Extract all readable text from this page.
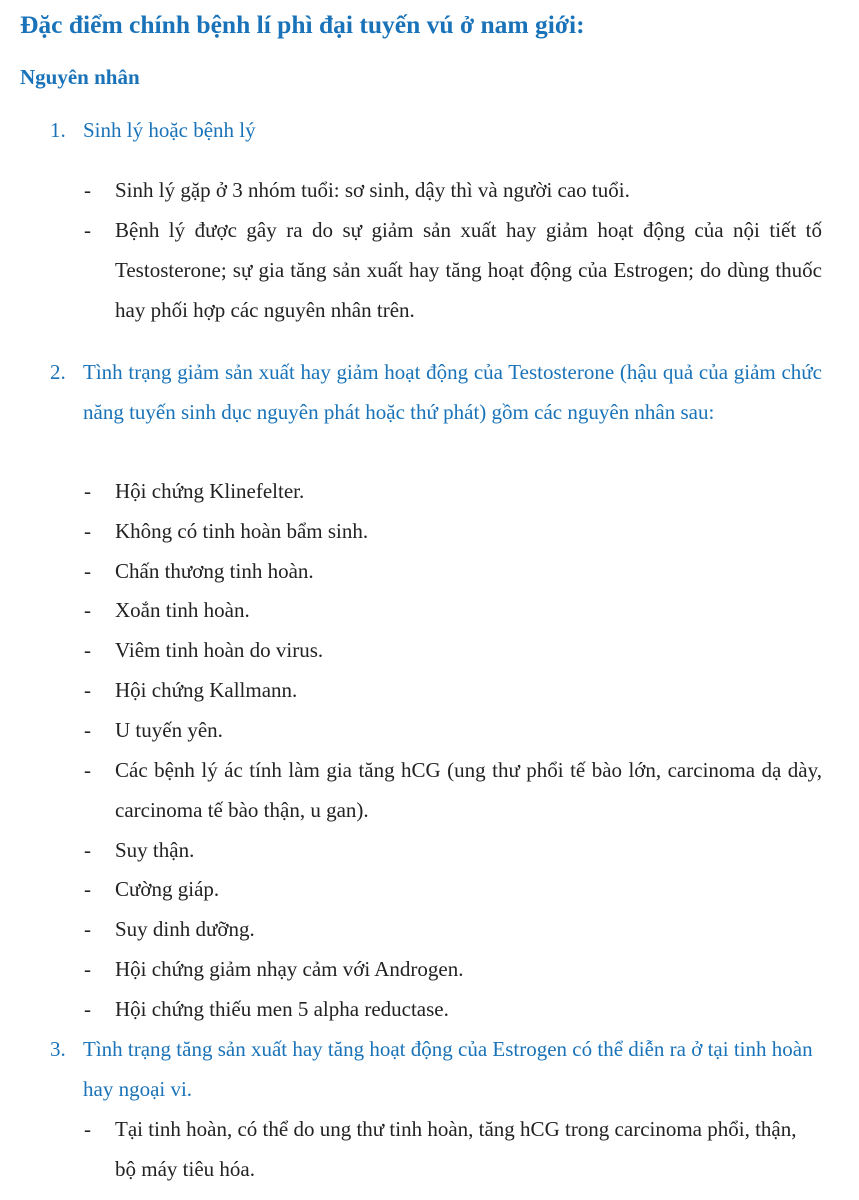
Đặc điểm chính bệnh lí phì đại tuyến vú ở nam giới:
Nguyên nhân
1. Sinh lý hoặc bệnh lý
- Sinh lý gặp ở 3 nhóm tuổi: sơ sinh, dậy thì và người cao tuổi.
- Bệnh lý được gây ra do sự giảm sản xuất hay giảm hoạt động của nội tiết tố Testosterone; sự gia tăng sản xuất hay tăng hoạt động của Estrogen; do dùng thuốc hay phối hợp các nguyên nhân trên.
2. Tình trạng giảm sản xuất hay giảm hoạt động của Testosterone (hậu quả của giảm chức năng tuyến sinh dục nguyên phát hoặc thứ phát) gồm các nguyên nhân sau:
- Hội chứng Klinefelter.
- Không có tinh hoàn bẩm sinh.
- Chấn thương tinh hoàn.
- Xoắn tinh hoàn.
- Viêm tinh hoàn do virus.
- Hội chứng Kallmann.
- U tuyến yên.
- Các bệnh lý ác tính làm gia tăng hCG (ung thư phổi tế bào lớn, carcinoma dạ dày, carcinoma tế bào thận, u gan).
- Suy thận.
- Cường giáp.
- Suy dinh dưỡng.
- Hội chứng giảm nhạy cảm với Androgen.
- Hội chứng thiếu men 5 alpha reductase.
3. Tình trạng tăng sản xuất hay tăng hoạt động của Estrogen có thể diễn ra ở tại tinh hoàn hay ngoại vi.
- Tại tinh hoàn, có thể do ung thư tinh hoàn, tăng hCG trong carcinoma phổi, thận, bộ máy tiêu hóa.
